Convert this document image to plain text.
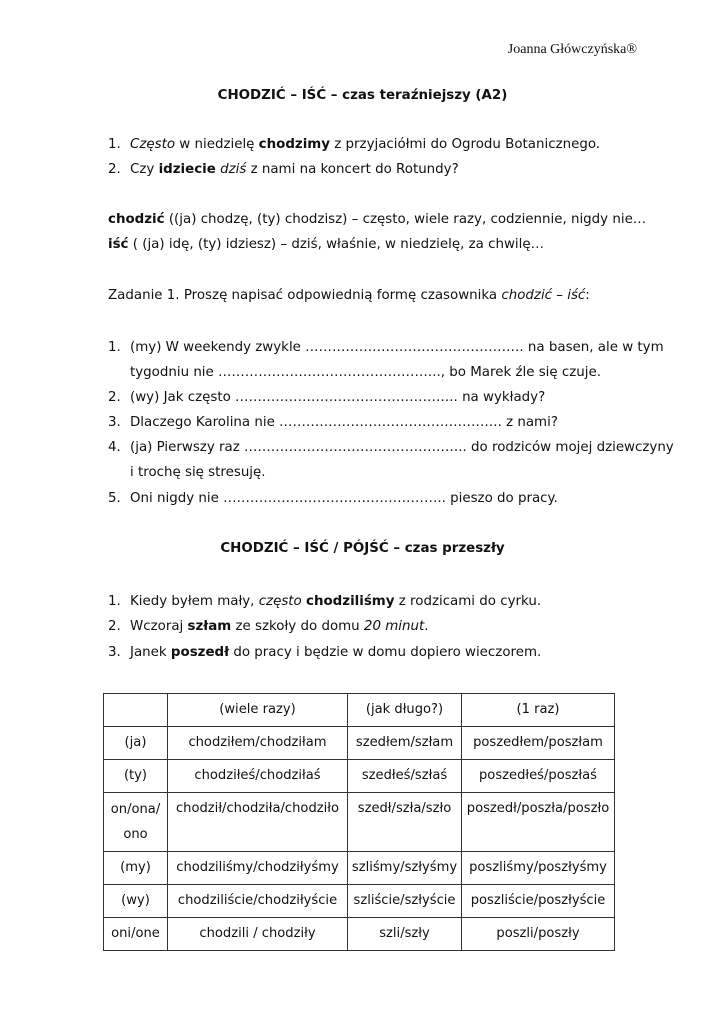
Joanna Główczyńska®
CHODZIĆ – IŚĆ – czas teraźniejszy (A2)
1. Często w niedzielę chodzimy z przyjaciółmi do Ogrodu Botanicznego.
2. Czy idziecie dziś z nami na koncert do Rotundy?
chodzić ((ja) chodzę, (ty) chodzisz) – często, wiele razy, codziennie, nigdy nie…
iść ( (ja) idę, (ty) idziesz) – dziś, właśnie, w niedzielę, za chwilę…
Zadanie 1. Proszę napisać odpowiednią formę czasownika chodzić – iść:
1. (my) W weekendy zwykle …………………………………………. na basen, ale w tym
tygodniu nie ………………………………………….., bo Marek źle się czuje.
2. (wy) Jak często ………………………………………….. na wykłady?
3. Dlaczego Karolina nie ………………………………………….. z nami?
4. (ja) Pierwszy raz ………………………………………….. do rodziców mojej dziewczyny
i trochę się stresuję.
5. Oni nigdy nie ………………………………………….. pieszo do pracy.
CHODZIĆ – IŚĆ / PÓJŚĆ – czas przeszły
1. Kiedy byłem mały, często chodziliśmy z rodzicami do cyrku.
2. Wczoraj szłam ze szkoły do domu 20 minut.
3. Janek poszedł do pracy i będzie w domu dopiero wieczorem.
	(wiele razy)	(jak długo?)	(1 raz)
(ja)	chodziłem/chodziłam	szedłem/szłam	poszedłem/poszłam
(ty)	chodziłeś/chodziłaś	szedłeś/szłaś	poszedłeś/poszłaś
on/ona/
ono	chodził/chodziła/chodziło	szedł/szła/szło	poszedł/poszła/poszło
(my)	chodziliśmy/chodziłyśmy	szliśmy/szłyśmy	poszliśmy/poszłyśmy
(wy)	chodziliście/chodziłyście	szliście/szłyście	poszliście/poszłyście
oni/one	chodzili / chodziły	szli/szły	poszli/poszły
